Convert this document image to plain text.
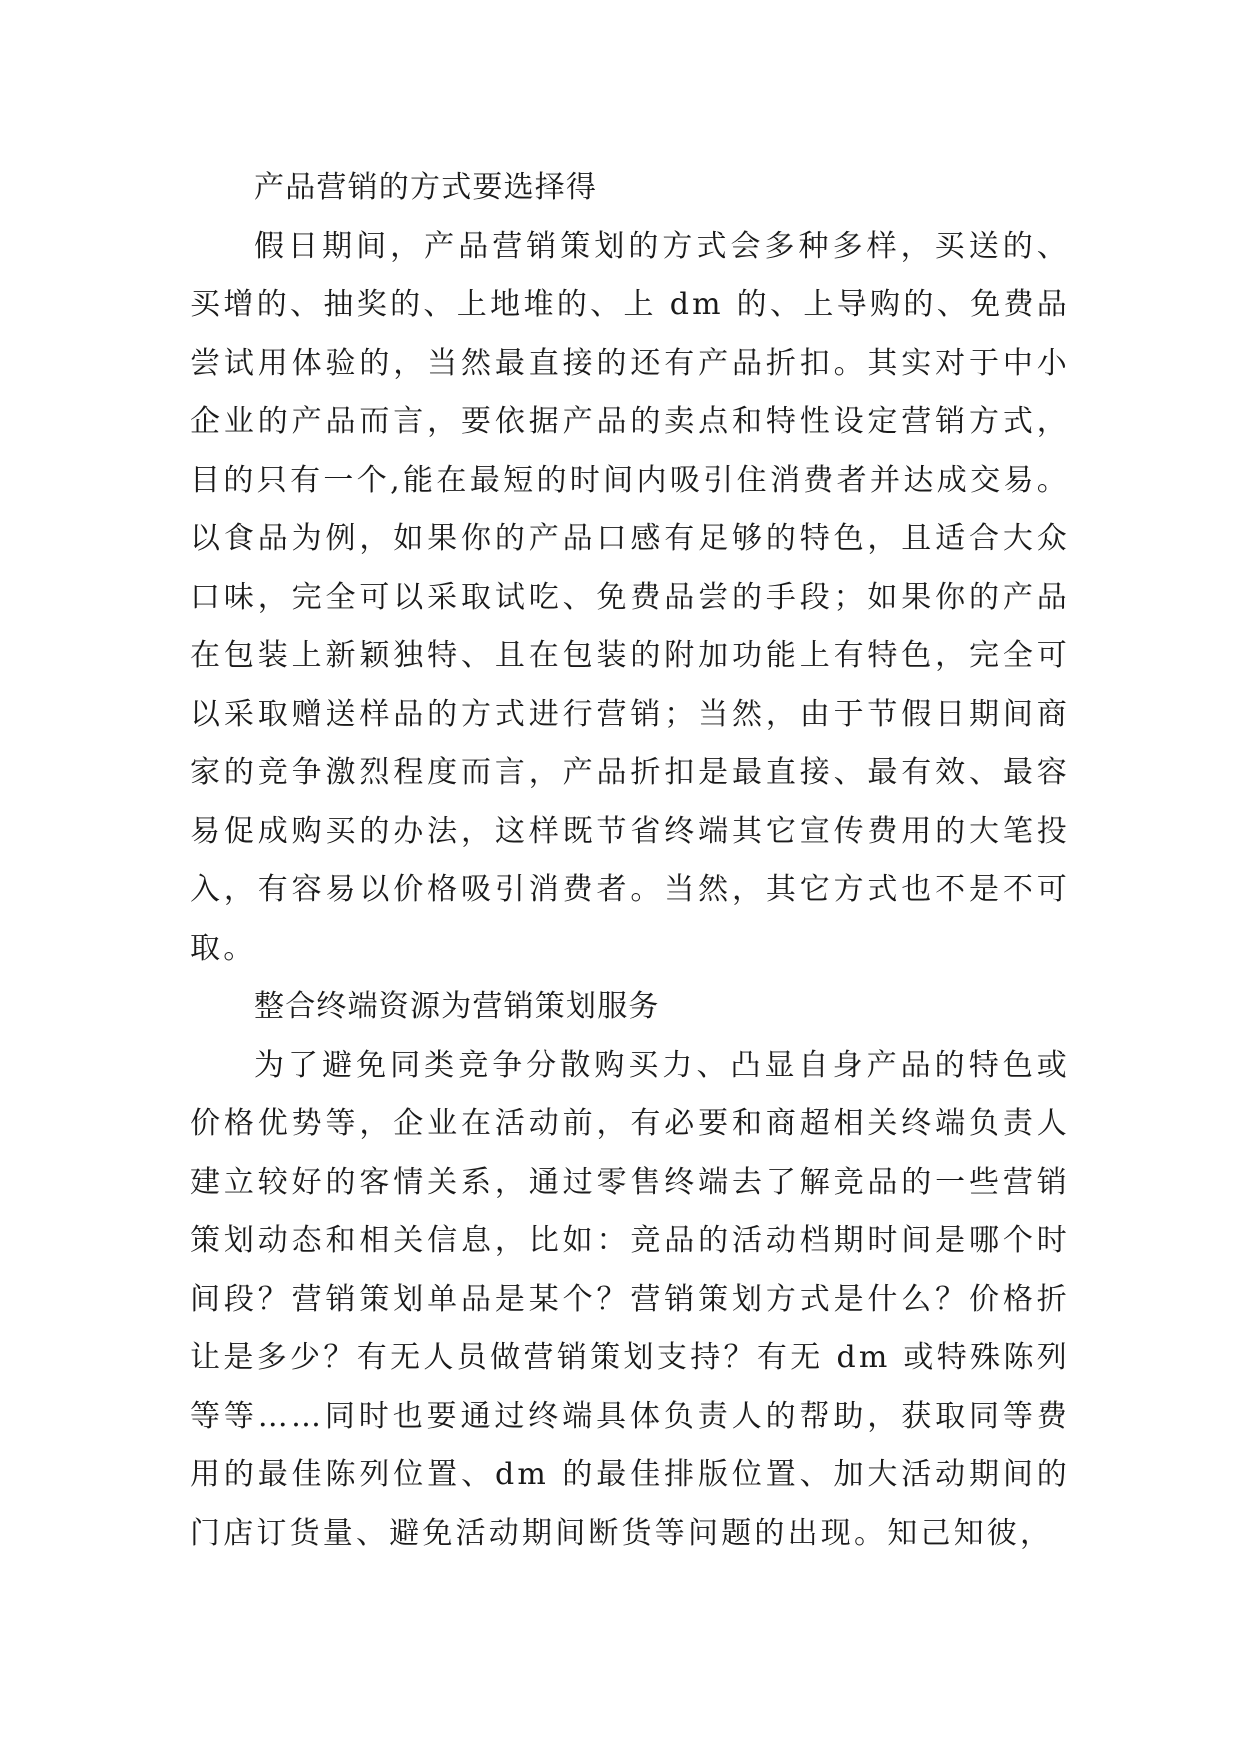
产品营销的方式要选择得

假日期间，产品营销策划的方式会多种多样，买送的、买增的、抽奖的、上地堆的、上 dm 的、上导购的、免费品尝试用体验的，当然最直接的还有产品折扣。其实对于中小企业的产品而言，要依据产品的卖点和特性设定营销方式，目的只有一个,能在最短的时间内吸引住消费者并达成交易。以食品为例，如果你的产品口感有足够的特色，且适合大众口味，完全可以采取试吃、免费品尝的手段；如果你的产品在包装上新颖独特、且在包装的附加功能上有特色，完全可以采取赠送样品的方式进行营销；当然，由于节假日期间商家的竞争激烈程度而言，产品折扣是最直接、最有效、最容易促成购买的办法，这样既节省终端其它宣传费用的大笔投入，有容易以价格吸引消费者。当然，其它方式也不是不可取。

整合终端资源为营销策划服务

为了避免同类竞争分散购买力、凸显自身产品的特色或价格优势等，企业在活动前，有必要和商超相关终端负责人建立较好的客情关系，通过零售终端去了解竞品的一些营销策划动态和相关信息，比如：竞品的活动档期时间是哪个时间段？营销策划单品是某个？营销策划方式是什么？价格折让是多少？有无人员做营销策划支持？有无 dm 或特殊陈列等等……同时也要通过终端具体负责人的帮助，获取同等费用的最佳陈列位置、dm 的最佳排版位置、加大活动期间的门店订货量、避免活动期间断货等问题的出现。知己知彼，
